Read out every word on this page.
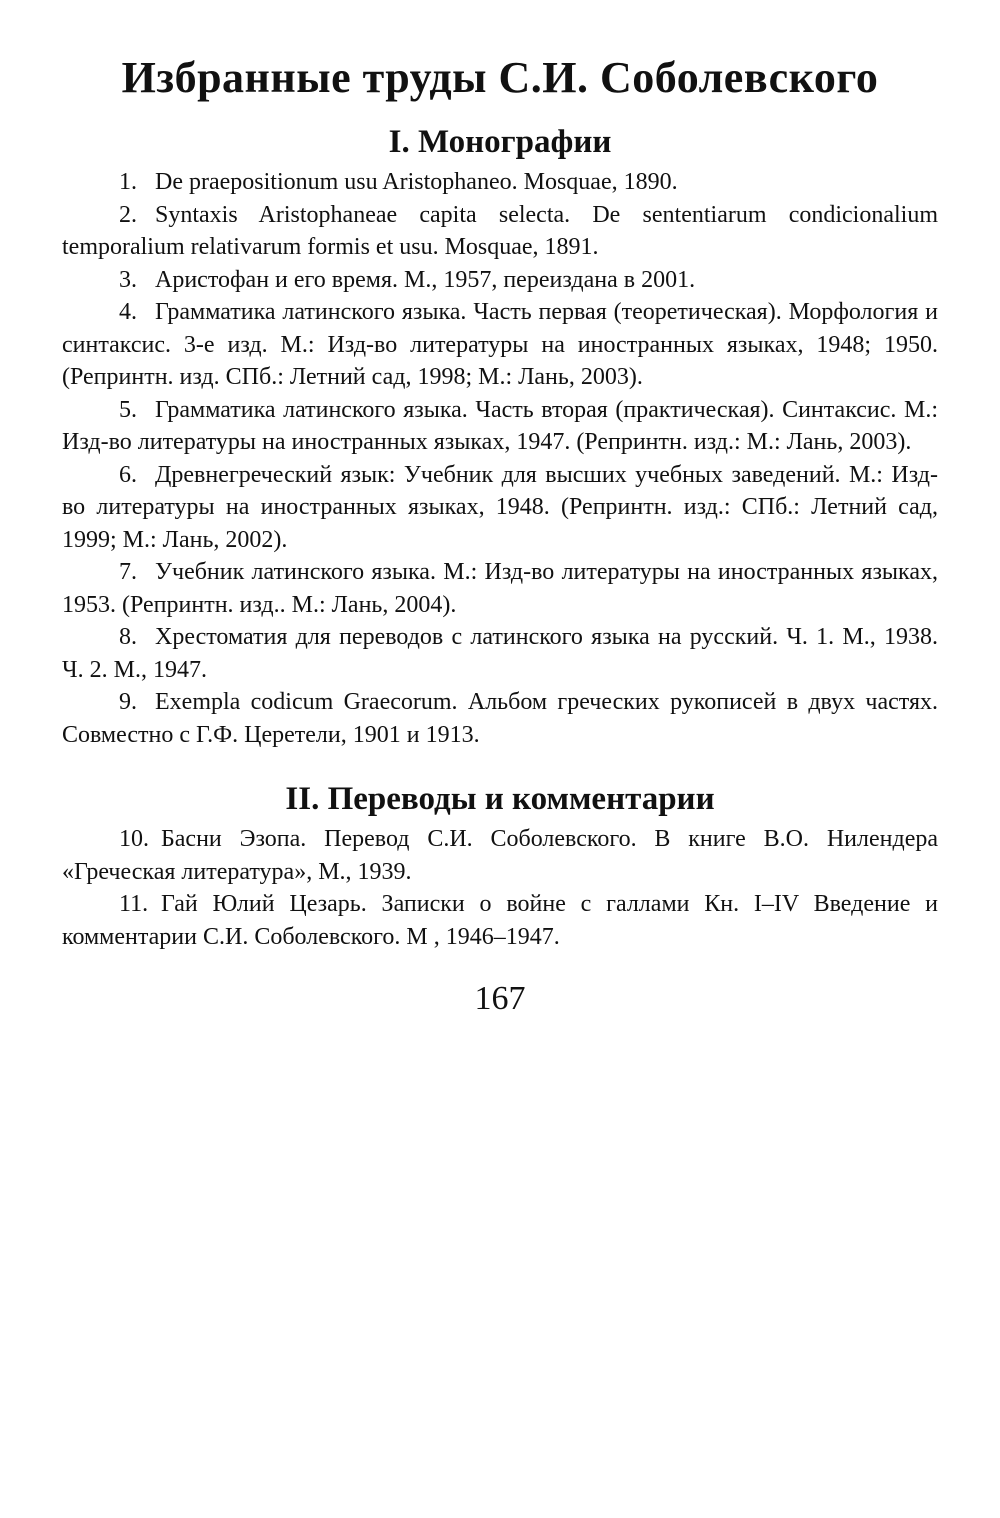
Избранные труды С.И. Соболевского
I. Монографии

1. De praepositionum usu Aristophaneo. Mosquae, 1890.

2. Syntaxis Aristophaneae capita selecta. De sententiarum condicionalium temporalium relativarum formis et usu. Mosquae, 1891.

3. Аристофан и его время. М., 1957, переиздана в 2001.

4. Грамматика латинского языка. Часть первая (теоретическая). Морфология и синтаксис. 3-е изд. М.: Изд-во литературы на иностранных языках, 1948; 1950. (Репринтн. изд. СПб.: Летний сад, 1998; М.: Лань, 2003).

5. Грамматика латинского языка. Часть вторая (практическая). Синтаксис. М.: Изд-во литературы на иностранных языках, 1947. (Репринтн. изд.: М.: Лань, 2003).

6. Древнегреческий язык: Учебник для высших учебных заведений. М.: Изд-во литературы на иностранных языках, 1948. (Репринтн. изд.: СПб.: Летний сад, 1999; М.: Лань, 2002).

7. Учебник латинского языка. М.: Изд-во литературы на иностранных языках, 1953. (Репринтн. изд.. М.: Лань, 2004).

8. Хрестоматия для переводов с латинского языка на русский. Ч. 1. М., 1938. Ч. 2. М., 1947.

9. Exempla codicum Graecorum. Альбом греческих рукописей в двух частях. Совместно с Г.Ф. Церетели, 1901 и 1913.

II. Переводы и комментарии

10. Басни Эзопа. Перевод С.И. Соболевского. В книге В.О. Нилендера «Греческая литература», М., 1939.

11. Гай Юлий Цезарь. Записки о войне с галлами Кн. I–IV Введение и комментарии С.И. Соболевского. М , 1946–1947.

167
